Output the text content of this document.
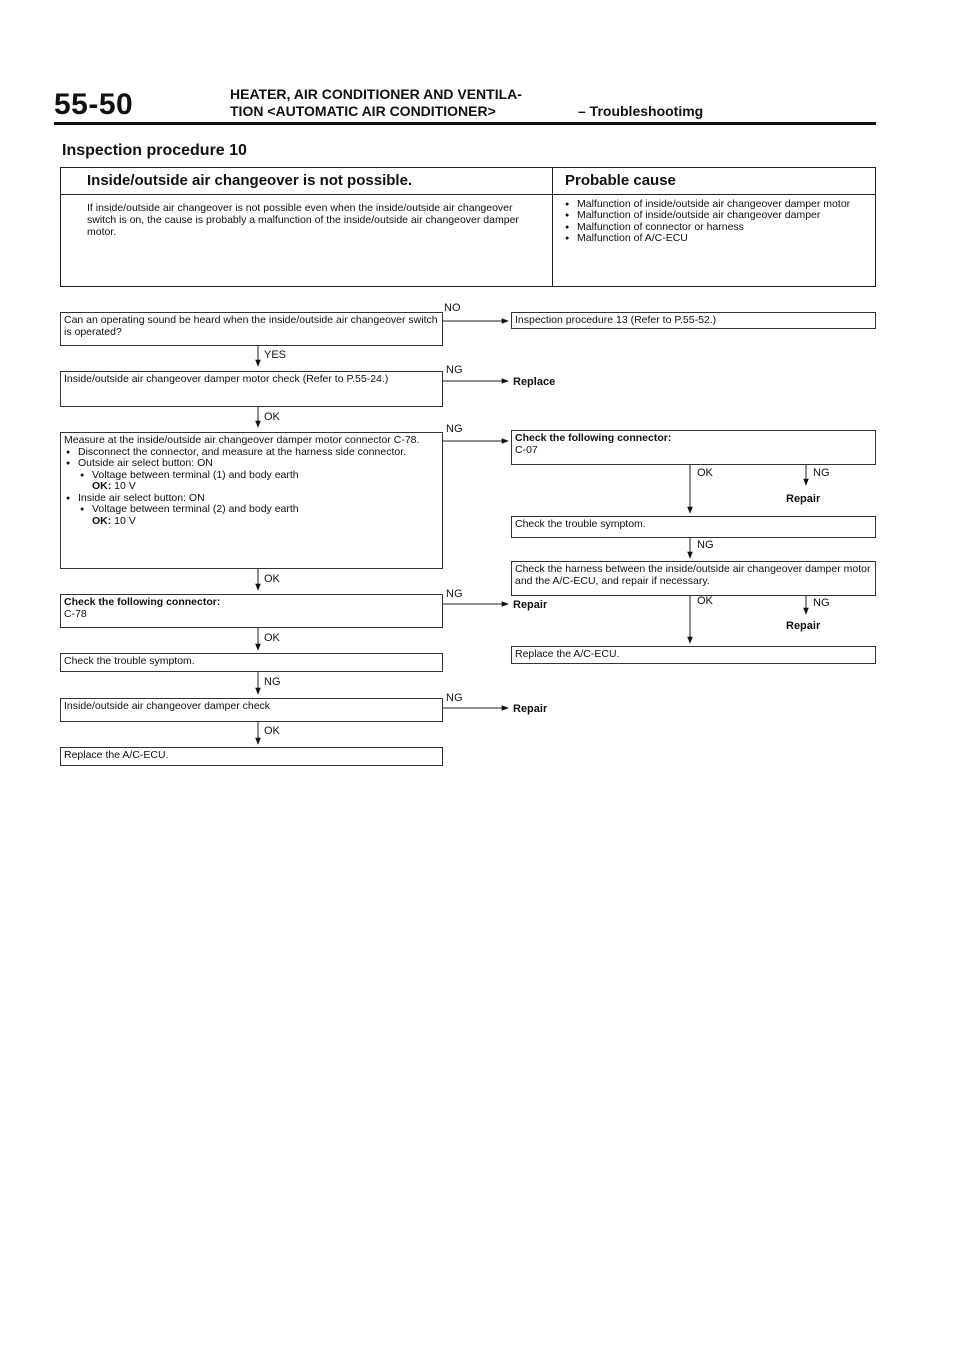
55-50	HEATER, AIR CONDITIONER AND VENTILA-
TION <AUTOMATIC AIR CONDITIONER>	– Troubleshootimg
Inspection procedure 10
Inside/outside air changeover is not possible.	Probable cause
If inside/outside air changeover is not possible even when the inside/outside air changeover switch is on, the cause is probably a malfunction of the inside/outside air changeover damper motor.
● Malfunction of inside/outside air changeover damper motor
● Malfunction of inside/outside air changeover damper
● Malfunction of connector or harness
● Malfunction of A/C-ECU
Can an operating sound be heard when the inside/outside air changeover switch is operated?
NO
Inspection procedure 13 (Refer to P.55-52.)
YES
Inside/outside air changeover damper motor check (Refer to P.55-24.)
NG
Replace
OK
Measure at the inside/outside air changeover damper motor connector C-78.
● Disconnect the connector, and measure at the harness side connector.
● Outside air select button: ON
● Voltage between terminal (1) and body earth
OK: 10 V
● Inside air select button: ON
● Voltage between terminal (2) and body earth
OK: 10 V
NG
OK
Check the following connector:
C-07
OK	NG
Repair
Check the trouble symptom.
NG
Check the harness between the inside/outside air changeover damper motor and the A/C-ECU, and repair if necessary.
OK	NG
Repair
Replace the A/C-ECU.
Check the following connector:
C-78
NG
Repair
OK
Check the trouble symptom.
NG
Inside/outside air changeover damper check
NG
Repair
OK
Replace the A/C-ECU.
